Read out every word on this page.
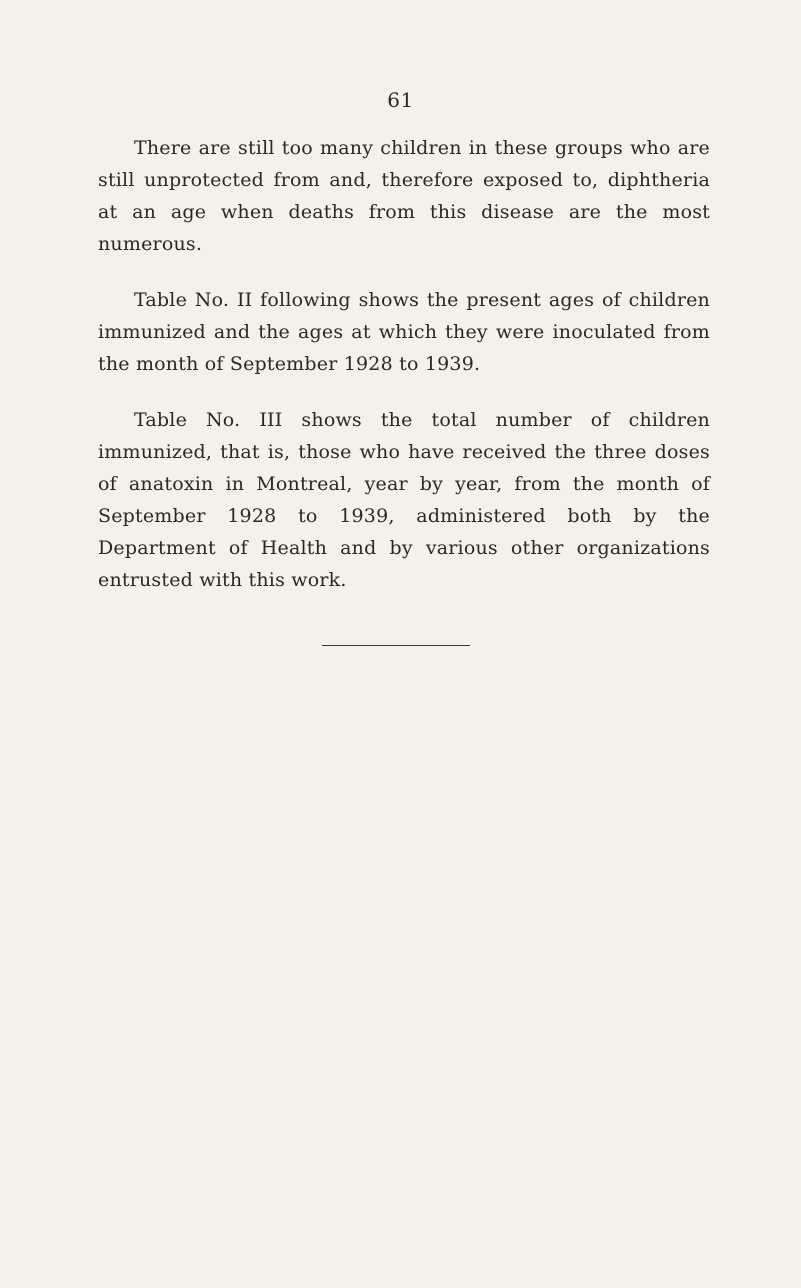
61

There are still too many children in these groups who are still unprotected from and, therefore exposed to, diphtheria at an age when deaths from this disease are the most numerous.

Table No. II following shows the present ages of children immunized and the ages at which they were inoculated from the month of September 1928 to 1939.

Table No. III shows the total number of children immunized, that is, those who have received the three doses of anatoxin in Montreal, year by year, from the month of September 1928 to 1939, administered both by the Department of Health and by various other organizations entrusted with this work.
